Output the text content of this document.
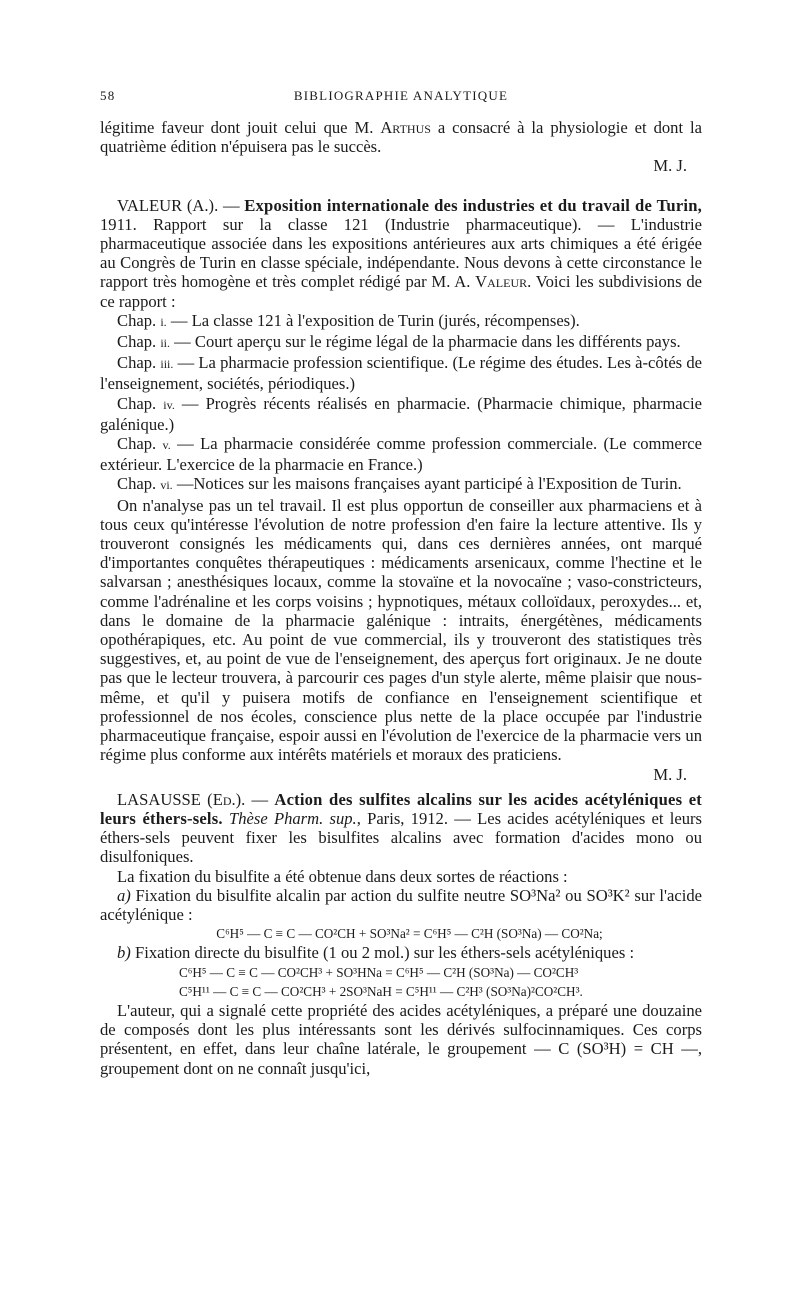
58	BIBLIOGRAPHIE ANALYTIQUE

légitime faveur dont jouit celui que M. Arthus a consacré à la physiologie et dont la quatrième édition n'épuisera pas le succès.

M. J.

VALEUR (A.). — Exposition internationale des industries et du travail de Turin, 1911. Rapport sur la classe 121 (Industrie pharmaceutique). — L'industrie pharmaceutique associée dans les expositions antérieures aux arts chimiques a été érigée au Congrès de Turin en classe spéciale, indépendante. Nous devons à cette circonstance le rapport très homogène et très complet rédigé par M. A. Valeur. Voici les subdivisions de ce rapport :

Chap. i. — La classe 121 à l'exposition de Turin (jurés, récompenses).

Chap. ii. — Court aperçu sur le régime légal de la pharmacie dans les différents pays.

Chap. iii. — La pharmacie profession scientifique. (Le régime des études. Les à-côtés de l'enseignement, sociétés, périodiques.)

Chap. iv. — Progrès récents réalisés en pharmacie. (Pharmacie chimique, pharmacie galénique.)

Chap. v. — La pharmacie considérée comme profession commerciale. (Le commerce extérieur. L'exercice de la pharmacie en France.)

Chap. vi. —Notices sur les maisons françaises ayant participé à l'Exposition de Turin.

On n'analyse pas un tel travail. Il est plus opportun de conseiller aux pharmaciens et à tous ceux qu'intéresse l'évolution de notre profession d'en faire la lecture attentive. Ils y trouveront consignés les médicaments qui, dans ces dernières années, ont marqué d'importantes conquêtes thérapeutiques : médicaments arsenicaux, comme l'hectine et le salvarsan ; anesthésiques locaux, comme la stovaïne et la novocaïne ; vaso-constricteurs, comme l'adrénaline et les corps voisins ; hypnotiques, métaux colloïdaux, peroxydes... et, dans le domaine de la pharmacie galénique : intraits, énergétènes, médicaments opothérapiques, etc. Au point de vue commercial, ils y trouveront des statistiques très suggestives, et, au point de vue de l'enseignement, des aperçus fort originaux. Je ne doute pas que le lecteur trouvera, à parcourir ces pages d'un style alerte, même plaisir que nous-même, et qu'il y puisera motifs de confiance en l'enseignement scientifique et professionnel de nos écoles, conscience plus nette de la place occupée par l'industrie pharmaceutique française, espoir aussi en l'évolution de l'exercice de la pharmacie vers un régime plus conforme aux intérêts matériels et moraux des praticiens.

M. J.

LASAUSSE (Ed.). — Action des sulfites alcalins sur les acides acétyléniques et leurs éthers-sels. Thèse Pharm. sup., Paris, 1912. — Les acides acétyléniques et leurs éthers-sels peuvent fixer les bisulfites alcalins avec formation d'acides mono ou disulfoniques.

La fixation du bisulfite a été obtenue dans deux sortes de réactions :

a) Fixation du bisulfite alcalin par action du sulfite neutre SO³Na² ou SO³K² sur l'acide acétylénique :

C⁶H⁵ — C ≡ C — CO²CH + SO³Na² = C⁶H⁵ — C²H (SO³Na) — CO²Na;

b) Fixation directe du bisulfite (1 ou 2 mol.) sur les éthers-sels acétyléniques :

C⁶H⁵ — C ≡ C — CO²CH³ + SO³HNa = C⁶H⁵ — C²H (SO³Na) — CO²CH³

C⁵H¹¹ — C ≡ C — CO²CH³ + 2SO³NaH = C⁵H¹¹ — C²H³ (SO³Na)²CO²CH³.

L'auteur, qui a signalé cette propriété des acides acétyléniques, a préparé une douzaine de composés dont les plus intéressants sont les dérivés sulfocinnamiques. Ces corps présentent, en effet, dans leur chaîne latérale, le groupement — C (SO³H) = CH —, groupement dont on ne connaît jusqu'ici,
